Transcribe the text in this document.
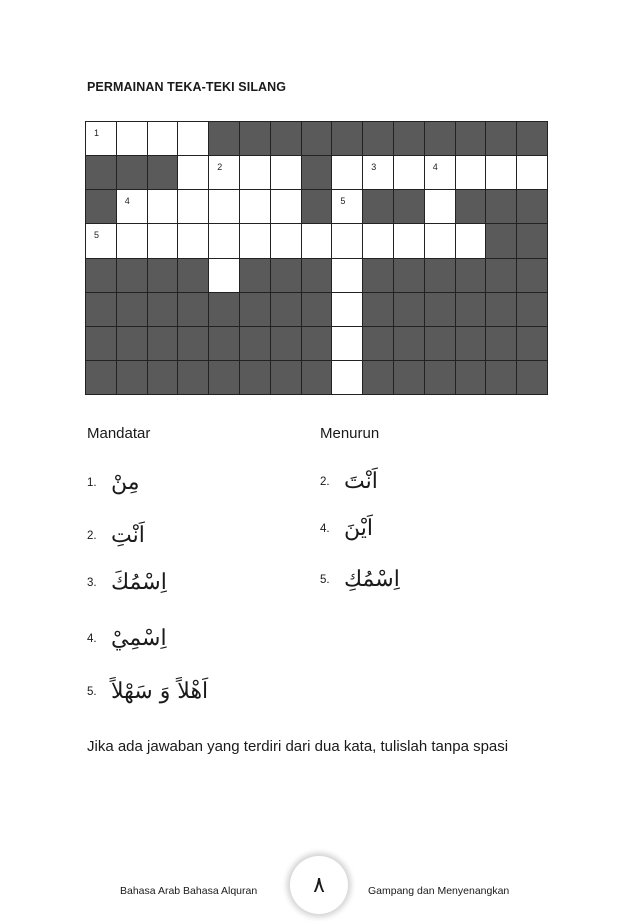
PERMAINAN TEKA-TEKI SILANG
1
2	3	4
4	5
5
Mandatar	Menurun
1. مِنْ
2. اَنْتِ
3. اِسْمُكَ
4. اِسْمِيْ
5. اَهْلاً وَ سَهْلاً
2. اَنْتَ
4. اَيْنَ
5. اِسْمُكِ
Jika ada jawaban yang terdiri dari dua kata, tulislah tanpa spasi
Bahasa Arab Bahasa Alquran	٨	Gampang dan Menyenangkan
